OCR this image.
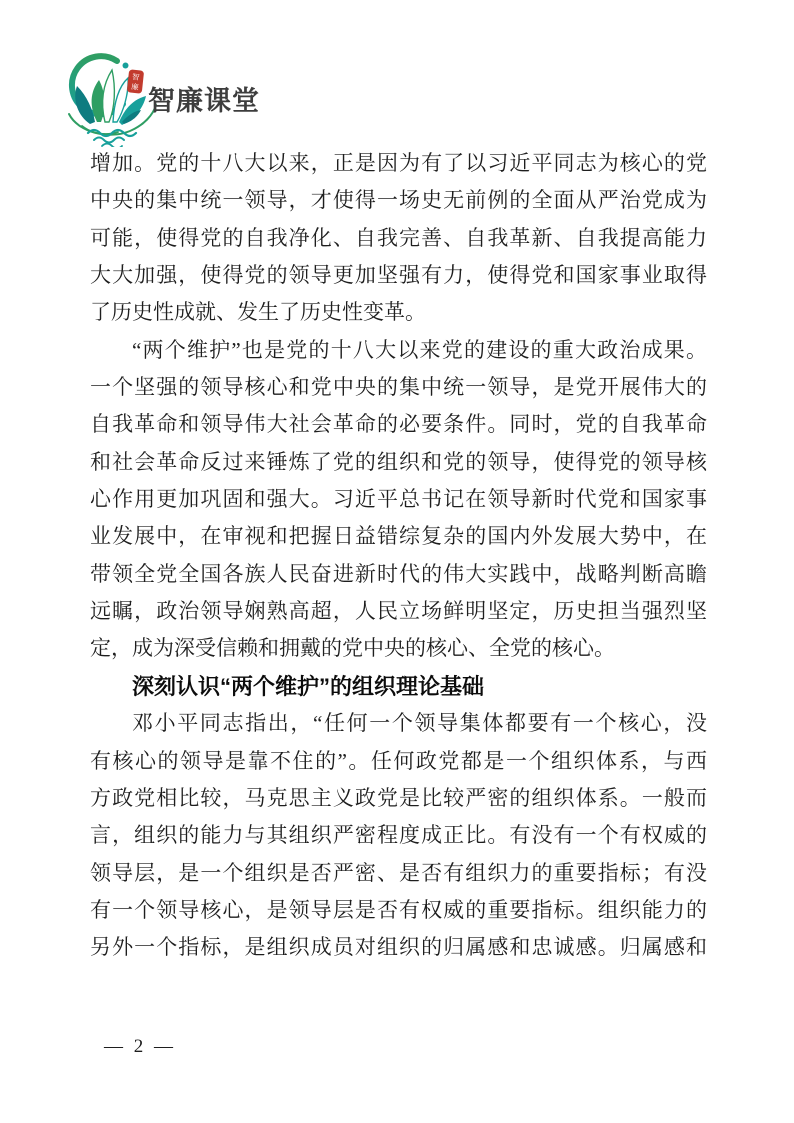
智
廉 智廉课堂
增加。党的十八大以来，正是因为有了以习近平同志为核心的党
中央的集中统一领导，才使得一场史无前例的全面从严治党成为
可能，使得党的自我净化、自我完善、自我革新、自我提高能力
大大加强，使得党的领导更加坚强有力，使得党和国家事业取得
了历史性成就、发生了历史性变革。
“两个维护”也是党的十八大以来党的建设的重大政治成果。
一个坚强的领导核心和党中央的集中统一领导，是党开展伟大的
自我革命和领导伟大社会革命的必要条件。同时，党的自我革命
和社会革命反过来锤炼了党的组织和党的领导，使得党的领导核
心作用更加巩固和强大。习近平总书记在领导新时代党和国家事
业发展中，在审视和把握日益错综复杂的国内外发展大势中，在
带领全党全国各族人民奋进新时代的伟大实践中，战略判断高瞻
远瞩，政治领导娴熟高超，人民立场鲜明坚定，历史担当强烈坚
定，成为深受信赖和拥戴的党中央的核心、全党的核心。
深刻认识“两个维护”的组织理论基础
邓小平同志指出，“任何一个领导集体都要有一个核心，没
有核心的领导是靠不住的”。任何政党都是一个组织体系，与西
方政党相比较，马克思主义政党是比较严密的组织体系。一般而
言，组织的能力与其组织严密程度成正比。有没有一个有权威的
领导层，是一个组织是否严密、是否有组织力的重要指标；有没
有一个领导核心，是领导层是否有权威的重要指标。组织能力的
另外一个指标，是组织成员对组织的归属感和忠诚感。归属感和
— 2 —
